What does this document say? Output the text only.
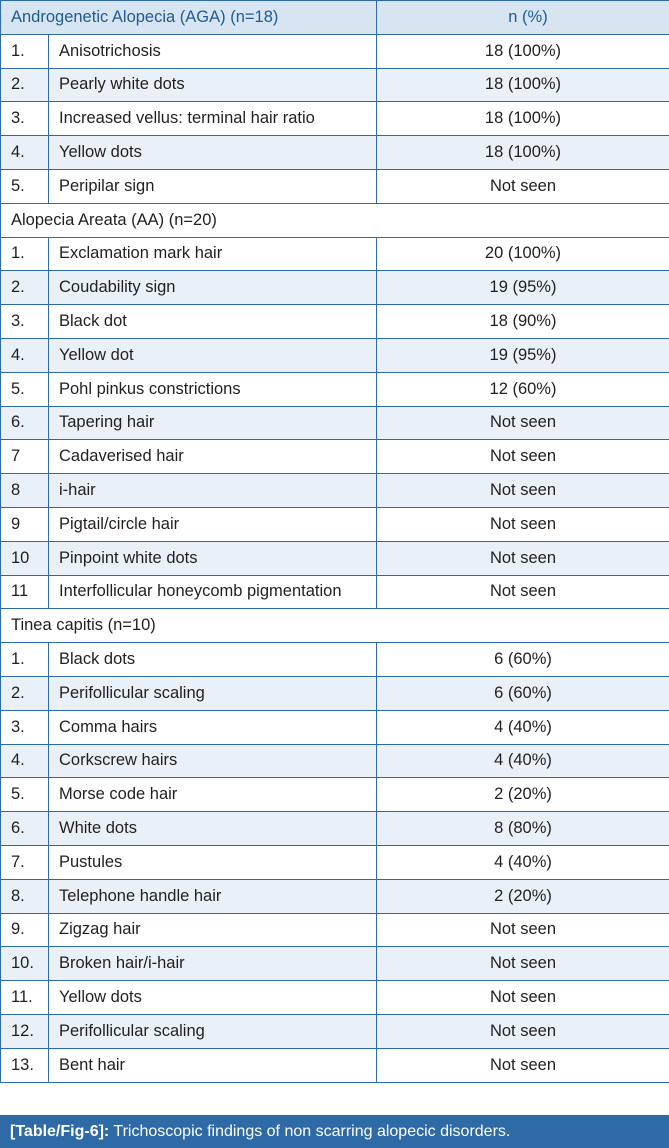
Androgenetic Alopecia (AGA) (n=18)		n (%)
1.	Anisotrichosis	18 (100%)
2.	Pearly white dots	18 (100%)
3.	Increased vellus: terminal hair ratio	18 (100%)
4.	Yellow dots	18 (100%)
5.	Peripilar sign	Not seen
Alopecia Areata (AA) (n=20)		
1.	Exclamation mark hair	20 (100%)
2.	Coudability sign	19 (95%)
3.	Black dot	18 (90%)
4.	Yellow dot	19 (95%)
5.	Pohl pinkus constrictions	12 (60%)
6.	Tapering hair	Not seen
7	Cadaverised hair	Not seen
8	i-hair	Not seen
9	Pigtail/circle hair	Not seen
10	Pinpoint white dots	Not seen
11	Interfollicular honeycomb pigmentation	Not seen
Tinea capitis (n=10)		
1.	Black dots	6 (60%)
2.	Perifollicular scaling	6 (60%)
3.	Comma hairs	4 (40%)
4.	Corkscrew hairs	4 (40%)
5.	Morse code hair	2 (20%)
6.	White dots	8 (80%)
7.	Pustules	4 (40%)
8.	Telephone handle hair	2 (20%)
9.	Zigzag hair	Not seen
10.	Broken hair/i-hair	Not seen
11.	Yellow dots	Not seen
12.	Perifollicular scaling	Not seen
13.	Bent hair	Not seen
[Table/Fig-6]: Trichoscopic findings of non scarring alopecic disorders.
